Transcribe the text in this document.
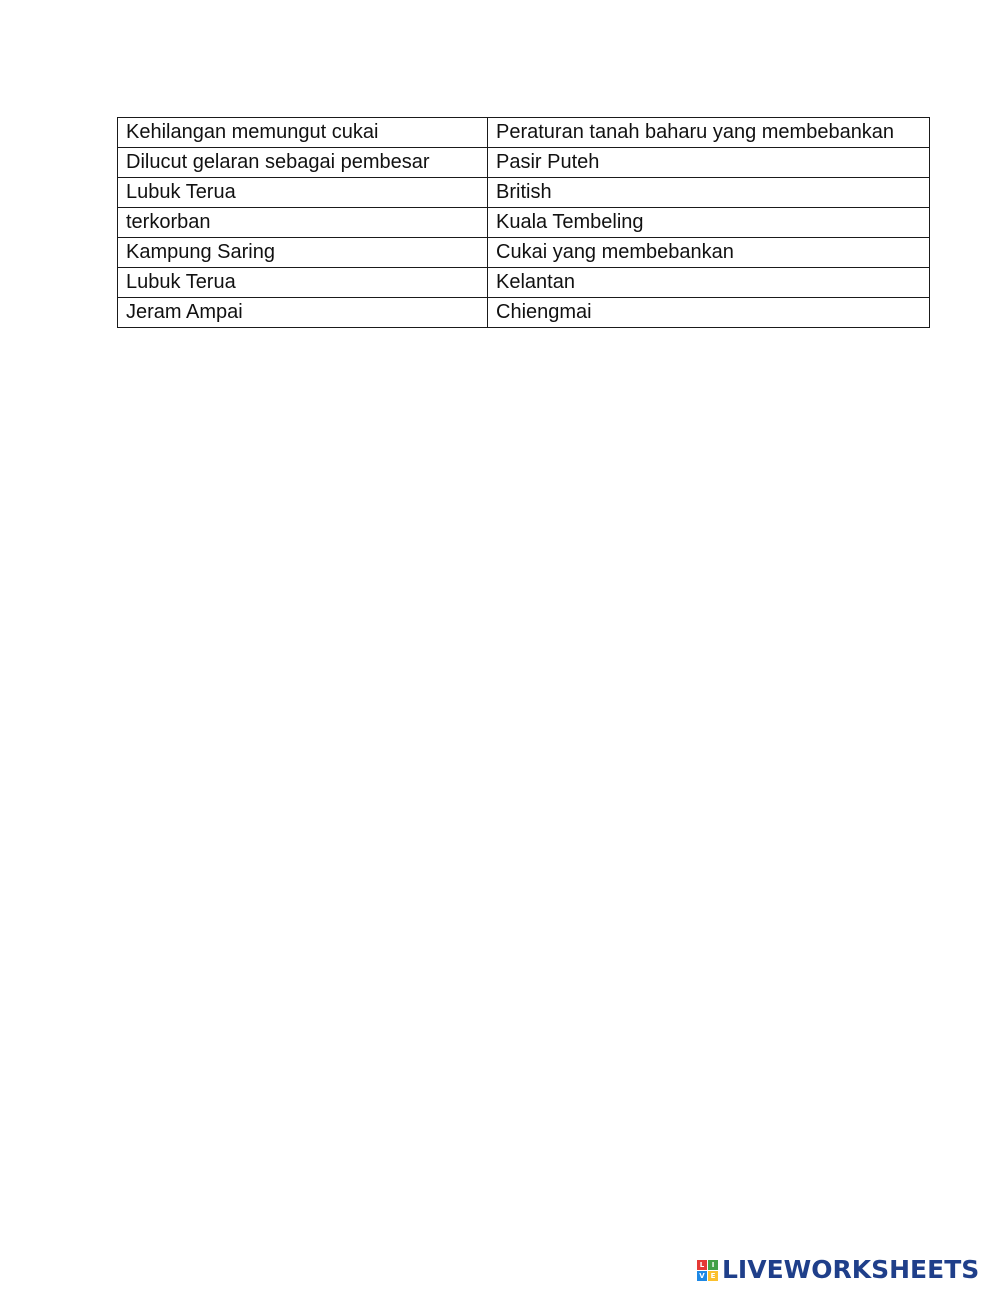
Kehilangan memungut cukai	Peraturan tanah baharu yang membebankan
Dilucut gelaran sebagai pembesar	Pasir Puteh
Lubuk Terua	British
terkorban	Kuala Tembeling
Kampung Saring	Cukai yang membebankan
Lubuk Terua	Kelantan
Jeram Ampai	Chiengmai
L	I
V E LIVEWORKSHEETS
